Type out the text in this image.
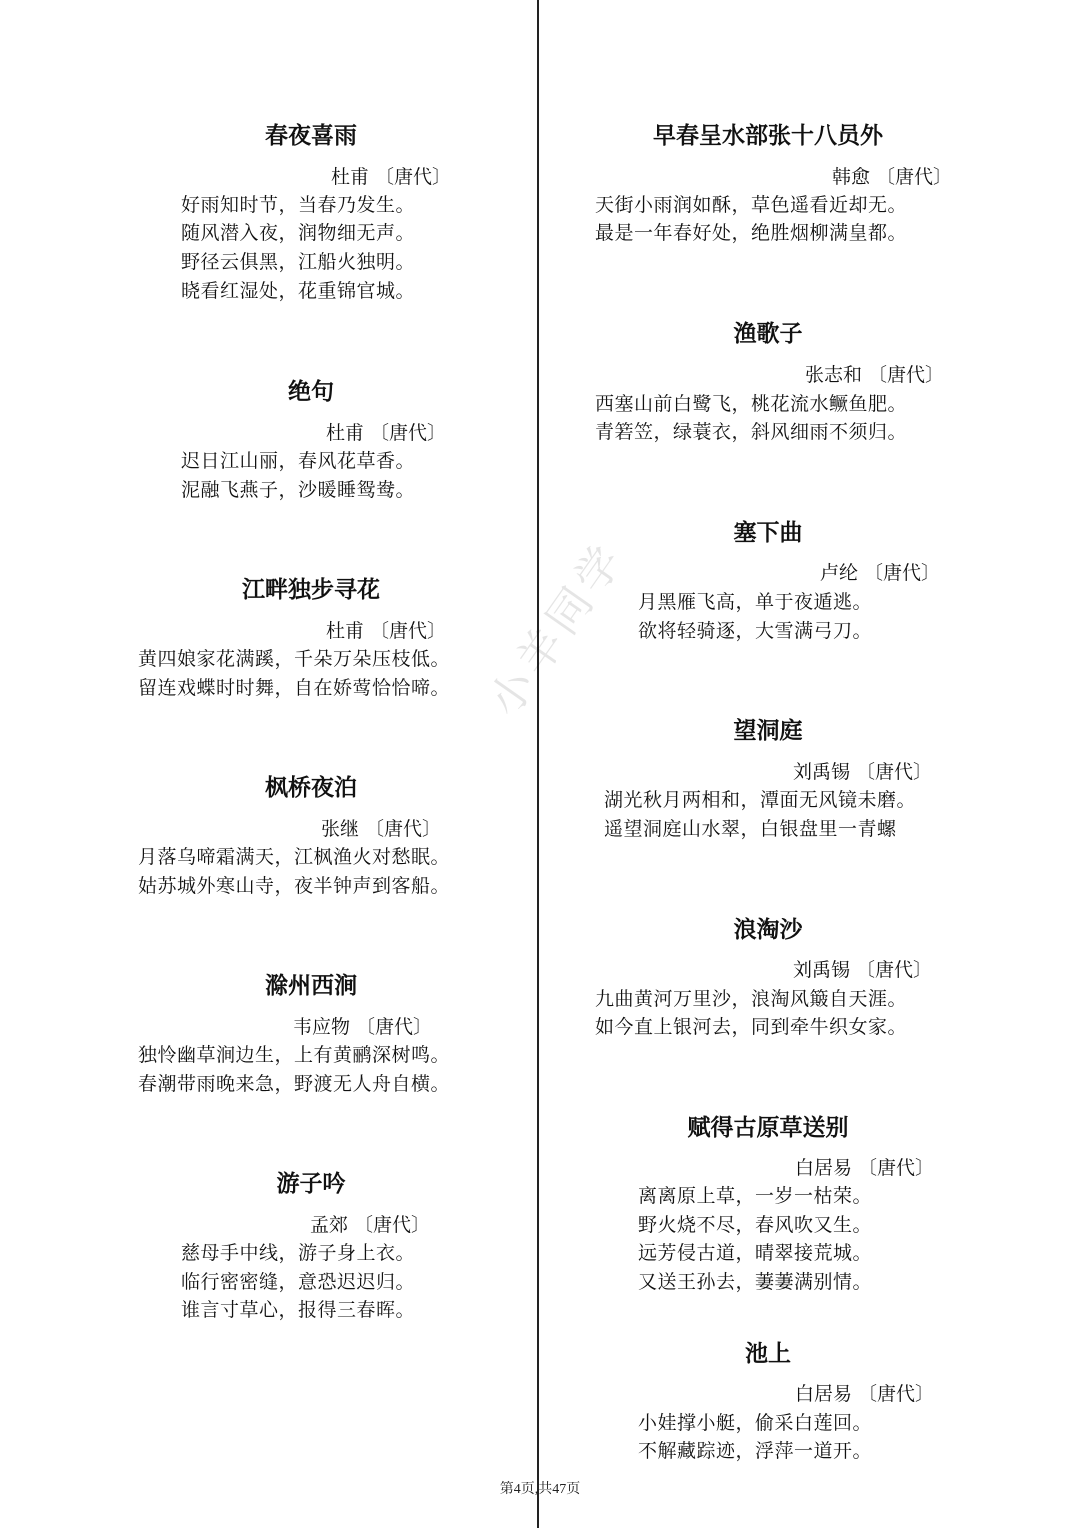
小羊同学
春夜喜雨
杜甫 〔唐代〕
好雨知时节，当春乃发生。
随风潜入夜，润物细无声。
野径云俱黑，江船火独明。
晓看红湿处，花重锦官城。
绝句
杜甫 〔唐代〕
迟日江山丽，春风花草香。
泥融飞燕子，沙暖睡鸳鸯。
江畔独步寻花
杜甫 〔唐代〕
黄四娘家花满蹊，千朵万朵压枝低。
留连戏蝶时时舞，自在娇莺恰恰啼。
枫桥夜泊
张继 〔唐代〕
月落乌啼霜满天，江枫渔火对愁眠。
姑苏城外寒山寺，夜半钟声到客船。
滁州西涧
韦应物 〔唐代〕
独怜幽草涧边生，上有黄鹂深树鸣。
春潮带雨晚来急，野渡无人舟自横。
游子吟
孟郊 〔唐代〕
慈母手中线，游子身上衣。
临行密密缝，意恐迟迟归。
谁言寸草心，报得三春晖。
早春呈水部张十八员外
韩愈 〔唐代〕
天街小雨润如酥，草色遥看近却无。
最是一年春好处，绝胜烟柳满皇都。
渔歌子
张志和 〔唐代〕
西塞山前白鹭飞，桃花流水鳜鱼肥。
青箬笠，绿蓑衣，斜风细雨不须归。
塞下曲
卢纶 〔唐代〕
月黑雁飞高，单于夜遁逃。
欲将轻骑逐，大雪满弓刀。
望洞庭
刘禹锡 〔唐代〕
湖光秋月两相和，潭面无风镜未磨。
遥望洞庭山水翠，白银盘里一青螺
浪淘沙
刘禹锡 〔唐代〕
九曲黄河万里沙，浪淘风簸自天涯。
如今直上银河去，同到牵牛织女家。
赋得古原草送别
白居易 〔唐代〕
离离原上草，一岁一枯荣。
野火烧不尽，春风吹又生。
远芳侵古道，晴翠接荒城。
又送王孙去，萋萋满别情。
池上
白居易 〔唐代〕
小娃撑小艇，偷采白莲回。
不解藏踪迹，浮萍一道开。
第4页,共47页
